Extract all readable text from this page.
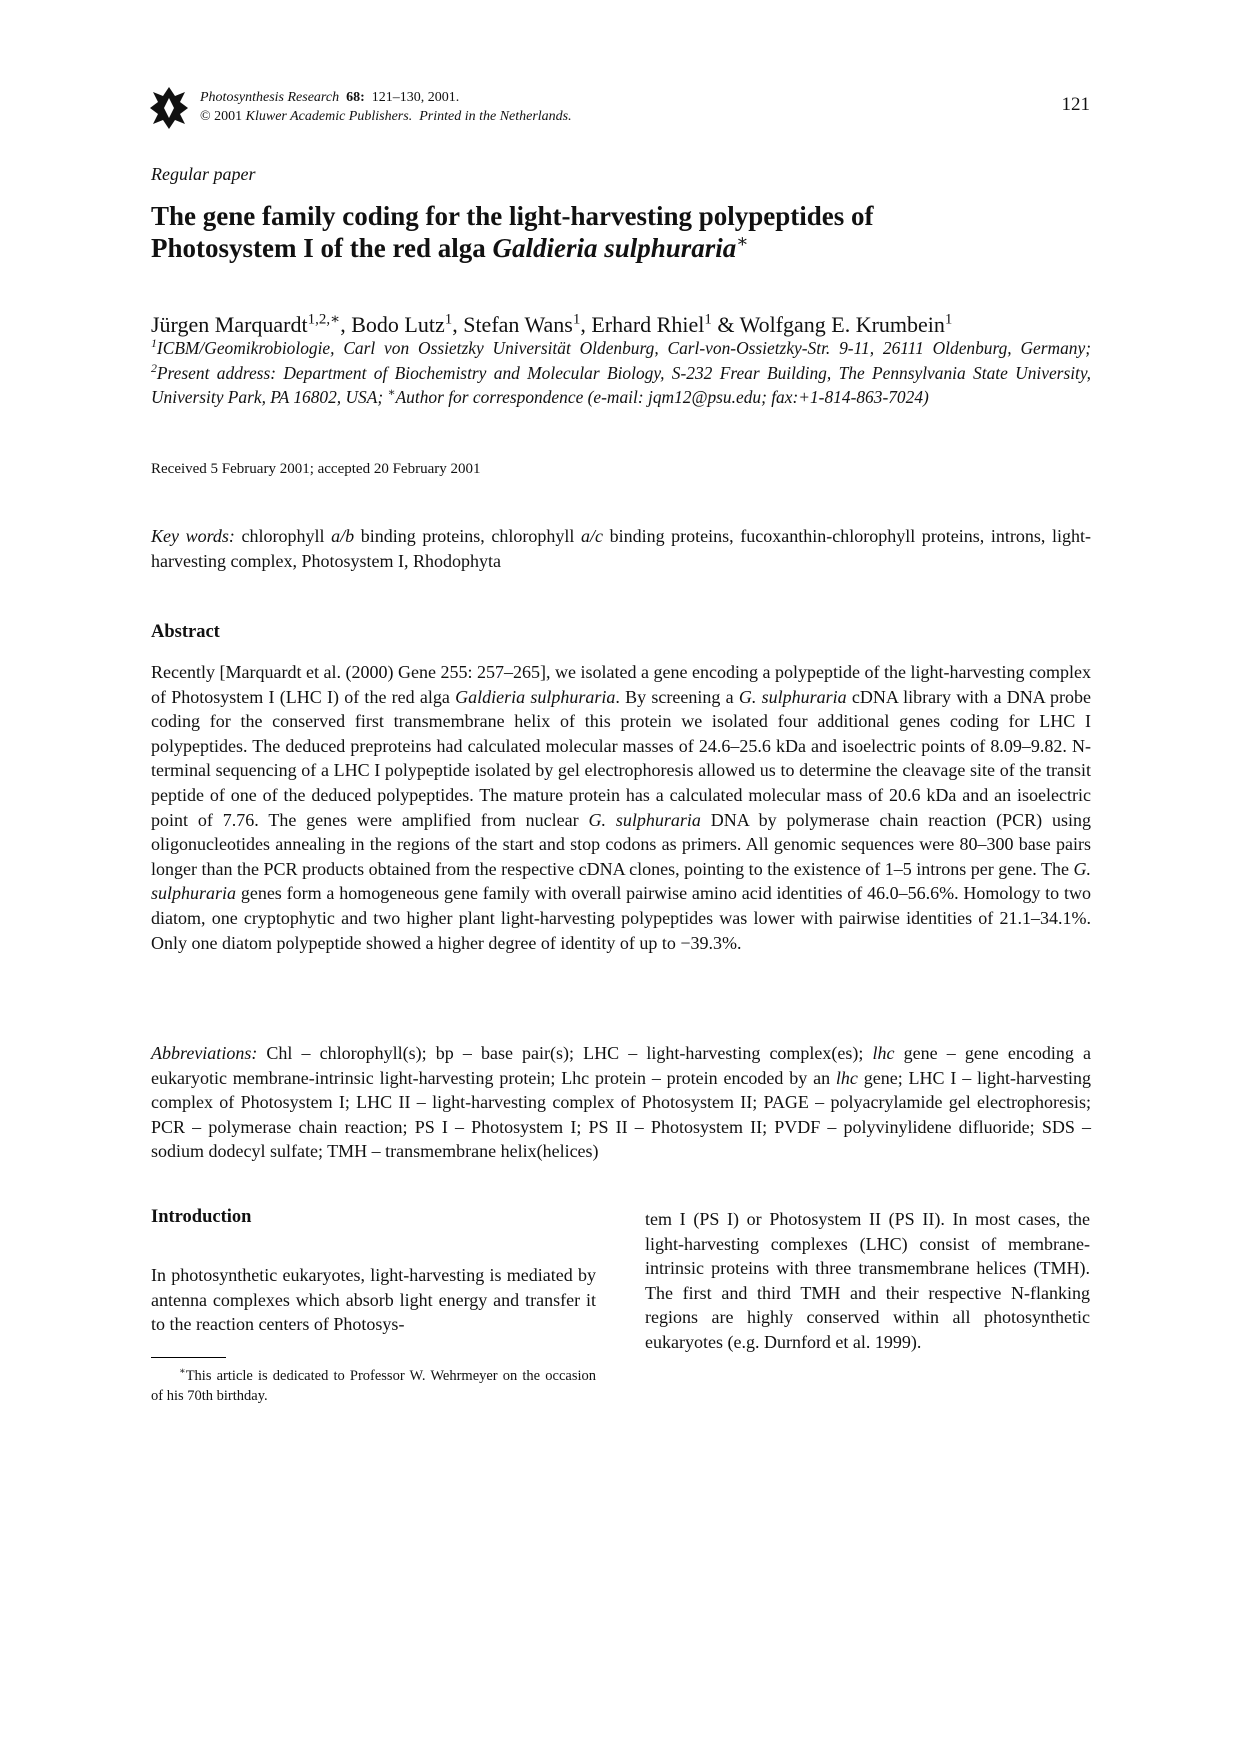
Photosynthesis Research 68: 121–130, 2001.
© 2001 Kluwer Academic Publishers. Printed in the Netherlands.
121
Regular paper
The gene family coding for the light-harvesting polypeptides of
Photosystem I of the red alga Galdieria sulphuraria∗
Jürgen Marquardt$^{1,2,∗}$, Bodo Lutz$^1$, Stefan Wans$^1$, Erhard Rhiel$^1$ & Wolfgang E. Krumbein$^1$
$^1$ICBM/Geomikrobiologie, Carl von Ossietzky Universität Oldenburg, Carl-von-Ossietzky-Str. 9-11, 26111 Oldenburg, Germany; $^2$Present address: Department of Biochemistry and Molecular Biology, S-232 Frear Building, The Pennsylvania State University, University Park, PA 16802, USA; ∗Author for correspondence (e-mail: jqm12@psu.edu; fax:+1-814-863-7024)
Received 5 February 2001; accepted 20 February 2001
Key words: chlorophyll a/b binding proteins, chlorophyll a/c binding proteins, fucoxanthin-chlorophyll proteins, introns, light-harvesting complex, Photosystem I, Rhodophyta
Abstract
Recently [Marquardt et al. (2000) Gene 255: 257–265], we isolated a gene encoding a polypeptide of the light-harvesting complex of Photosystem I (LHC I) of the red alga Galdieria sulphuraria. By screening a G. sulphuraria cDNA library with a DNA probe coding for the conserved first transmembrane helix of this protein we isolated four additional genes coding for LHC I polypeptides. The deduced preproteins had calculated molecular masses of 24.6–25.6 kDa and isoelectric points of 8.09–9.82. N-terminal sequencing of a LHC I polypeptide isolated by gel electrophoresis allowed us to determine the cleavage site of the transit peptide of one of the deduced polypeptides. The mature protein has a calculated molecular mass of 20.6 kDa and an isoelectric point of 7.76. The genes were amplified from nuclear G. sulphuraria DNA by polymerase chain reaction (PCR) using oligonucleotides annealing in the regions of the start and stop codons as primers. All genomic sequences were 80–300 base pairs longer than the PCR products obtained from the respective cDNA clones, pointing to the existence of 1–5 introns per gene. The G. sulphuraria genes form a homogeneous gene family with overall pairwise amino acid identities of 46.0–56.6%. Homology to two diatom, one cryptophytic and two higher plant light-harvesting polypeptides was lower with pairwise identities of 21.1–34.1%. Only one diatom polypeptide showed a higher degree of identity of up to −39.3%.
Abbreviations: Chl – chlorophyll(s); bp – base pair(s); LHC – light-harvesting complex(es); lhc gene – gene encoding a eukaryotic membrane-intrinsic light-harvesting protein; Lhc protein – protein encoded by an lhc gene; LHC I – light-harvesting complex of Photosystem I; LHC II – light-harvesting complex of Photosystem II; PAGE – polyacrylamide gel electrophoresis; PCR – polymerase chain reaction; PS I – Photosystem I; PS II – Photosystem II; PVDF – polyvinylidene difluoride; SDS – sodium dodecyl sulfate; TMH – transmembrane helix(helices)
Introduction
In photosynthetic eukaryotes, light-harvesting is mediated by antenna complexes which absorb light energy and transfer it to the reaction centers of Photosys-
∗This article is dedicated to Professor W. Wehrmeyer on the occasion of his 70th birthday.
tem I (PS I) or Photosystem II (PS II). In most cases, the light-harvesting complexes (LHC) consist of membrane-intrinsic proteins with three transmembrane helices (TMH). The first and third TMH and their respective N-flanking regions are highly conserved within all photosynthetic eukaryotes (e.g. Durnford et al. 1999).
